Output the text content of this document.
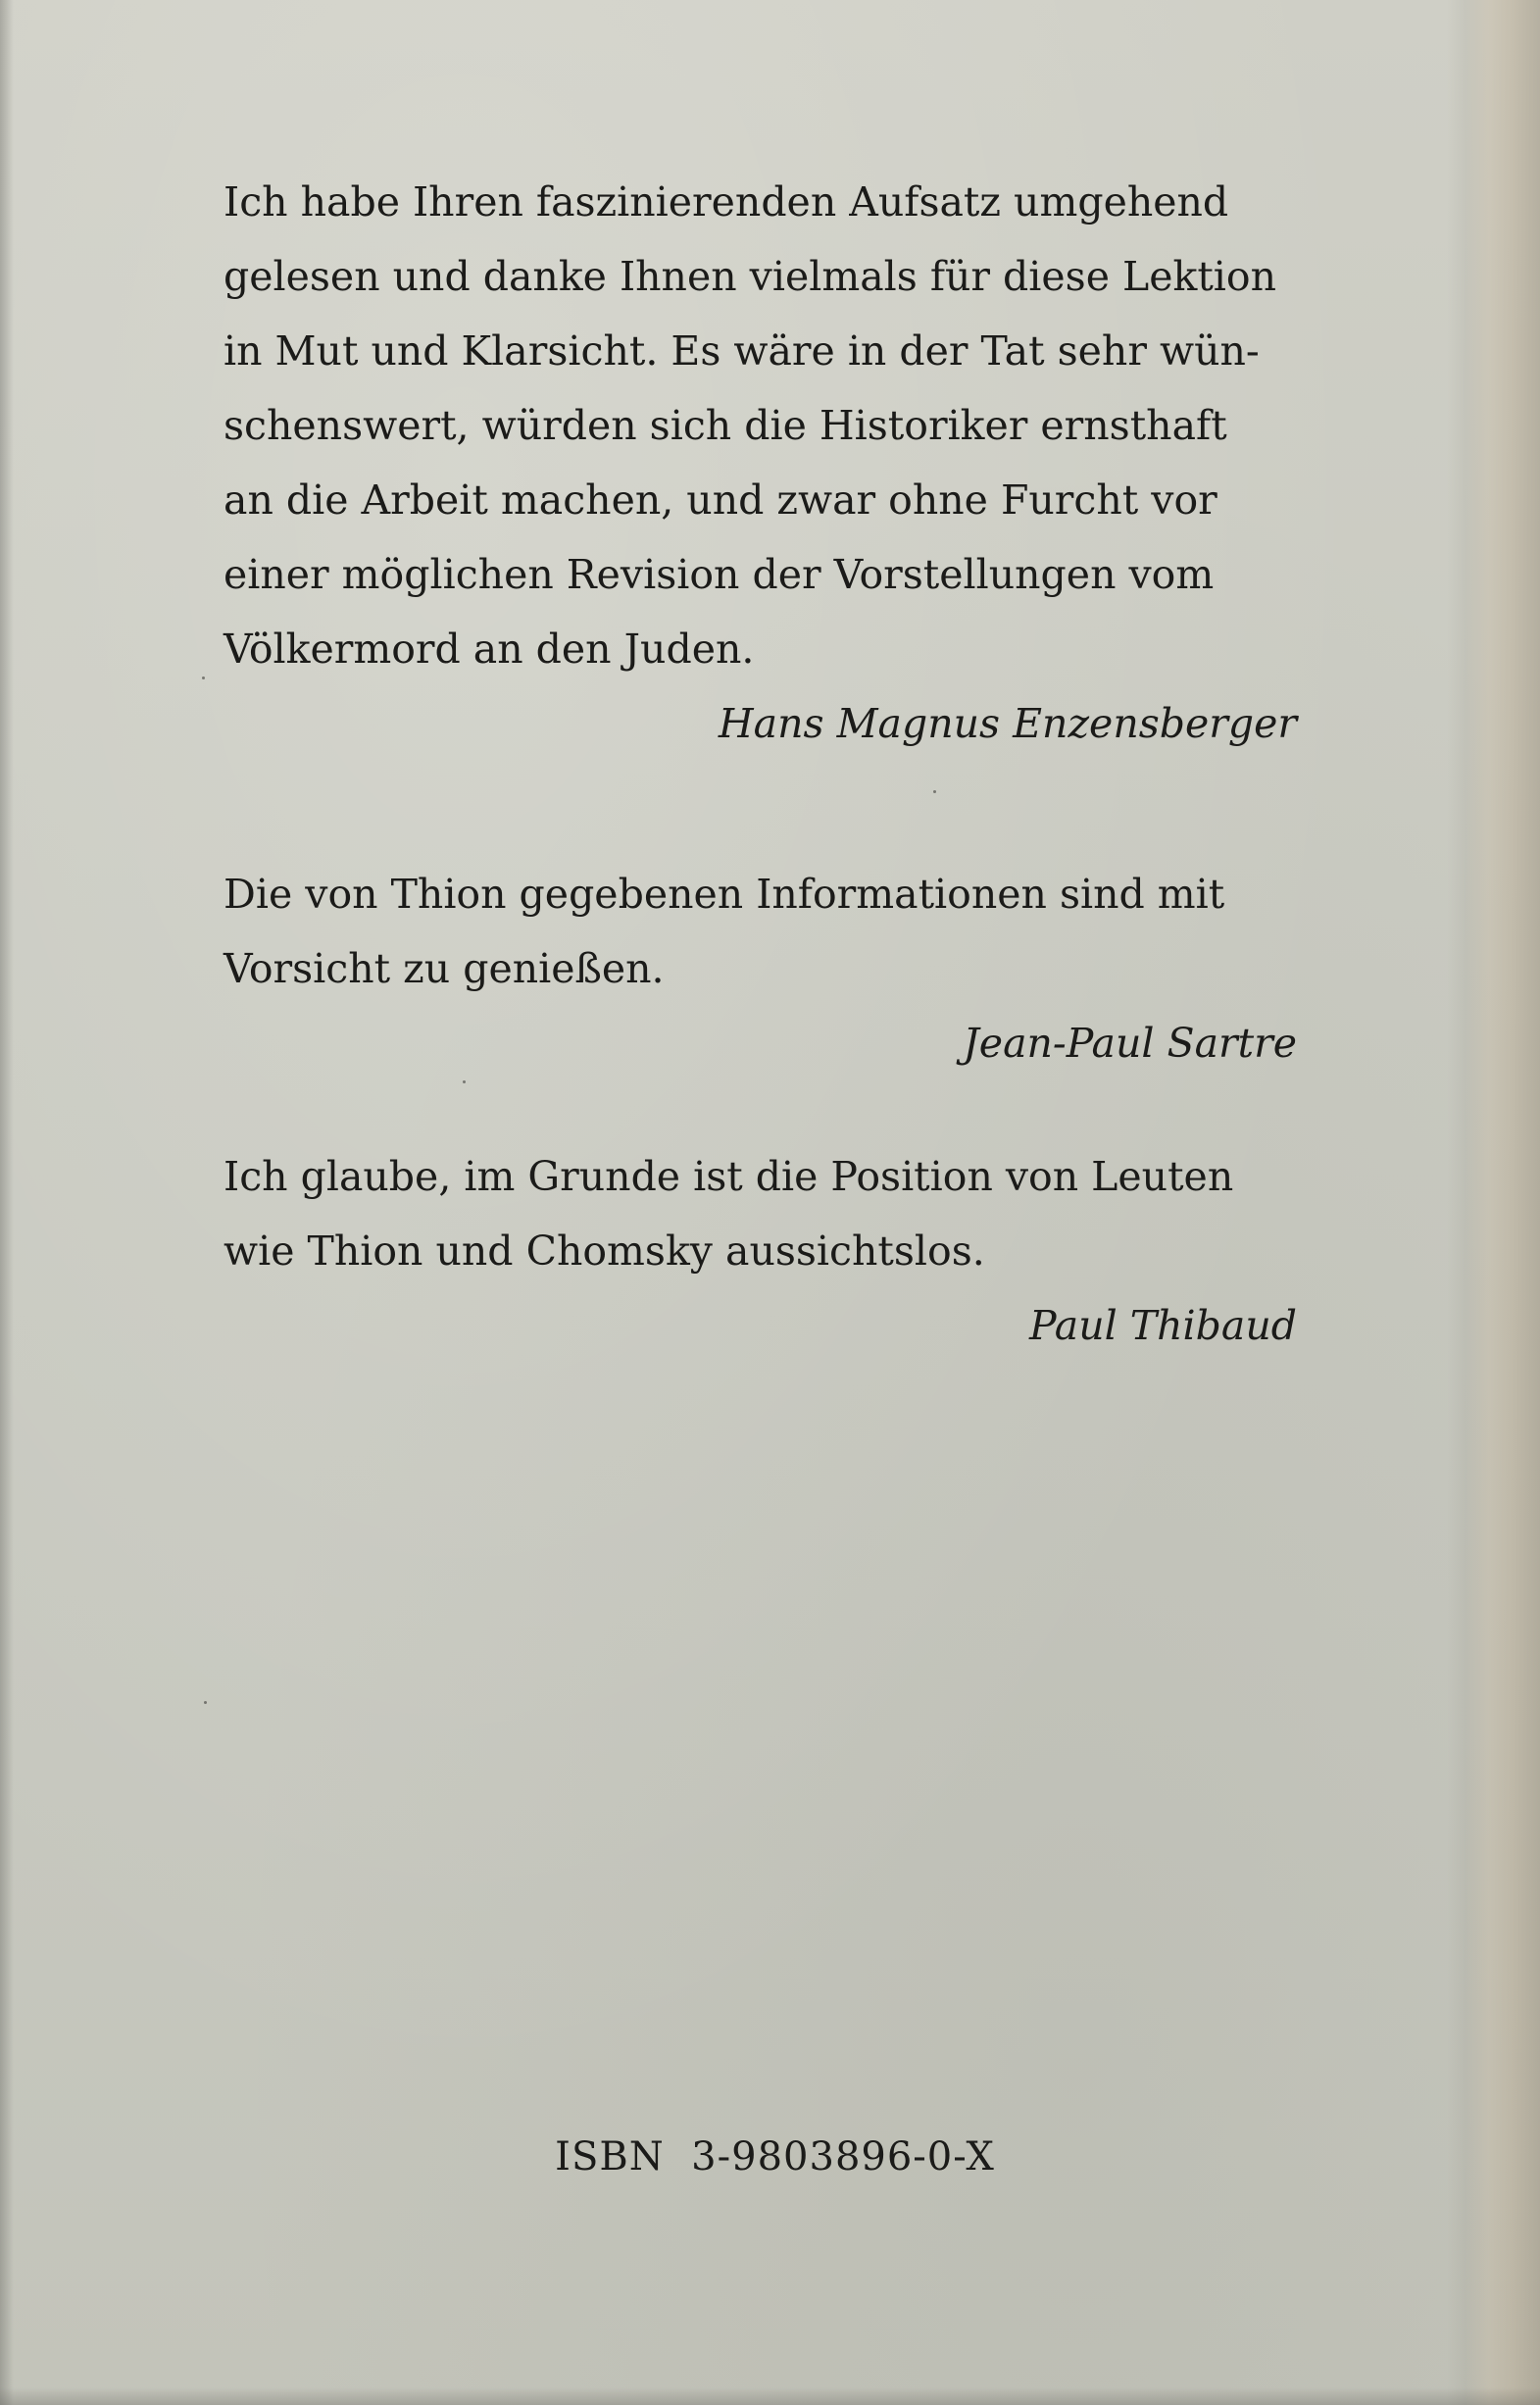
Ich habe Ihren faszinierenden Aufsatz umgehend

gelesen und danke Ihnen vielmals für diese Lektion

in Mut und Klarsicht. Es wäre in der Tat sehr wün-

schenswert, würden sich die Historiker ernsthaft

an die Arbeit machen, und zwar ohne Furcht vor

einer möglichen Revision der Vorstellungen vom

Völkermord an den Juden.

Hans Magnus Enzensberger

Die von Thion gegebenen Informationen sind mit

Vorsicht zu genießen.

Jean-Paul Sartre

Ich glaube, im Grunde ist die Position von Leuten

wie Thion und Chomsky aussichtslos.

Paul Thibaud

ISBN  3-9803896-0-X
